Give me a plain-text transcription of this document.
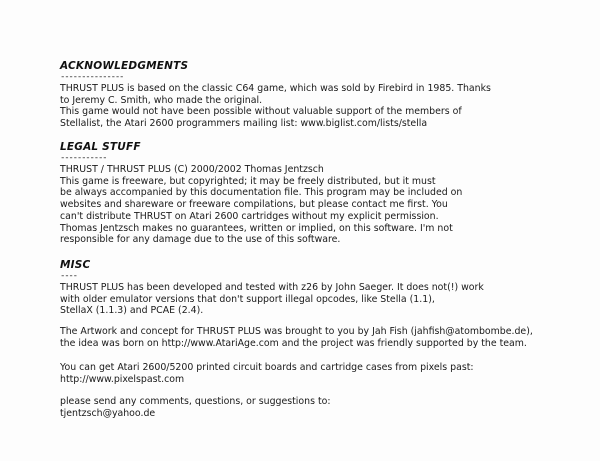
ACKNOWLEDGMENTS
---------------
THRUST PLUS is based on the classic C64 game, which was sold by Firebird in 1985. Thanks
to Jeremy C. Smith, who made the original.
This game would not have been possible without valuable support of the members of
Stellalist, the Atari 2600 programmers mailing list: www.biglist.com/lists/stella
LEGAL STUFF
-----------
THRUST / THRUST PLUS (C) 2000/2002 Thomas Jentzsch
This game is freeware, but copyrighted; it may be freely distributed, but it must
be always accompanied by this documentation file. This program may be included on
websites and shareware or freeware compilations, but please contact me first. You
can't distribute THRUST on Atari 2600 cartridges without my explicit permission.
Thomas Jentzsch makes no guarantees, written or implied, on this software. I'm not
responsible for any damage due to the use of this software.
MISC
----
THRUST PLUS has been developed and tested with z26 by John Saeger. It does not(!) work
with older emulator versions that don't support illegal opcodes, like Stella (1.1),
StellaX (1.1.3) and PCAE (2.4).
The Artwork and concept for THRUST PLUS was brought to you by Jah Fish (jahfish@atombombe.de),
the idea was born on http://www.AtariAge.com and the project was friendly supported by the team.
You can get Atari 2600/5200 printed circuit boards and cartridge cases from pixels past:
http://www.pixelspast.com
please send any comments, questions, or suggestions to:
tjentzsch@yahoo.de
